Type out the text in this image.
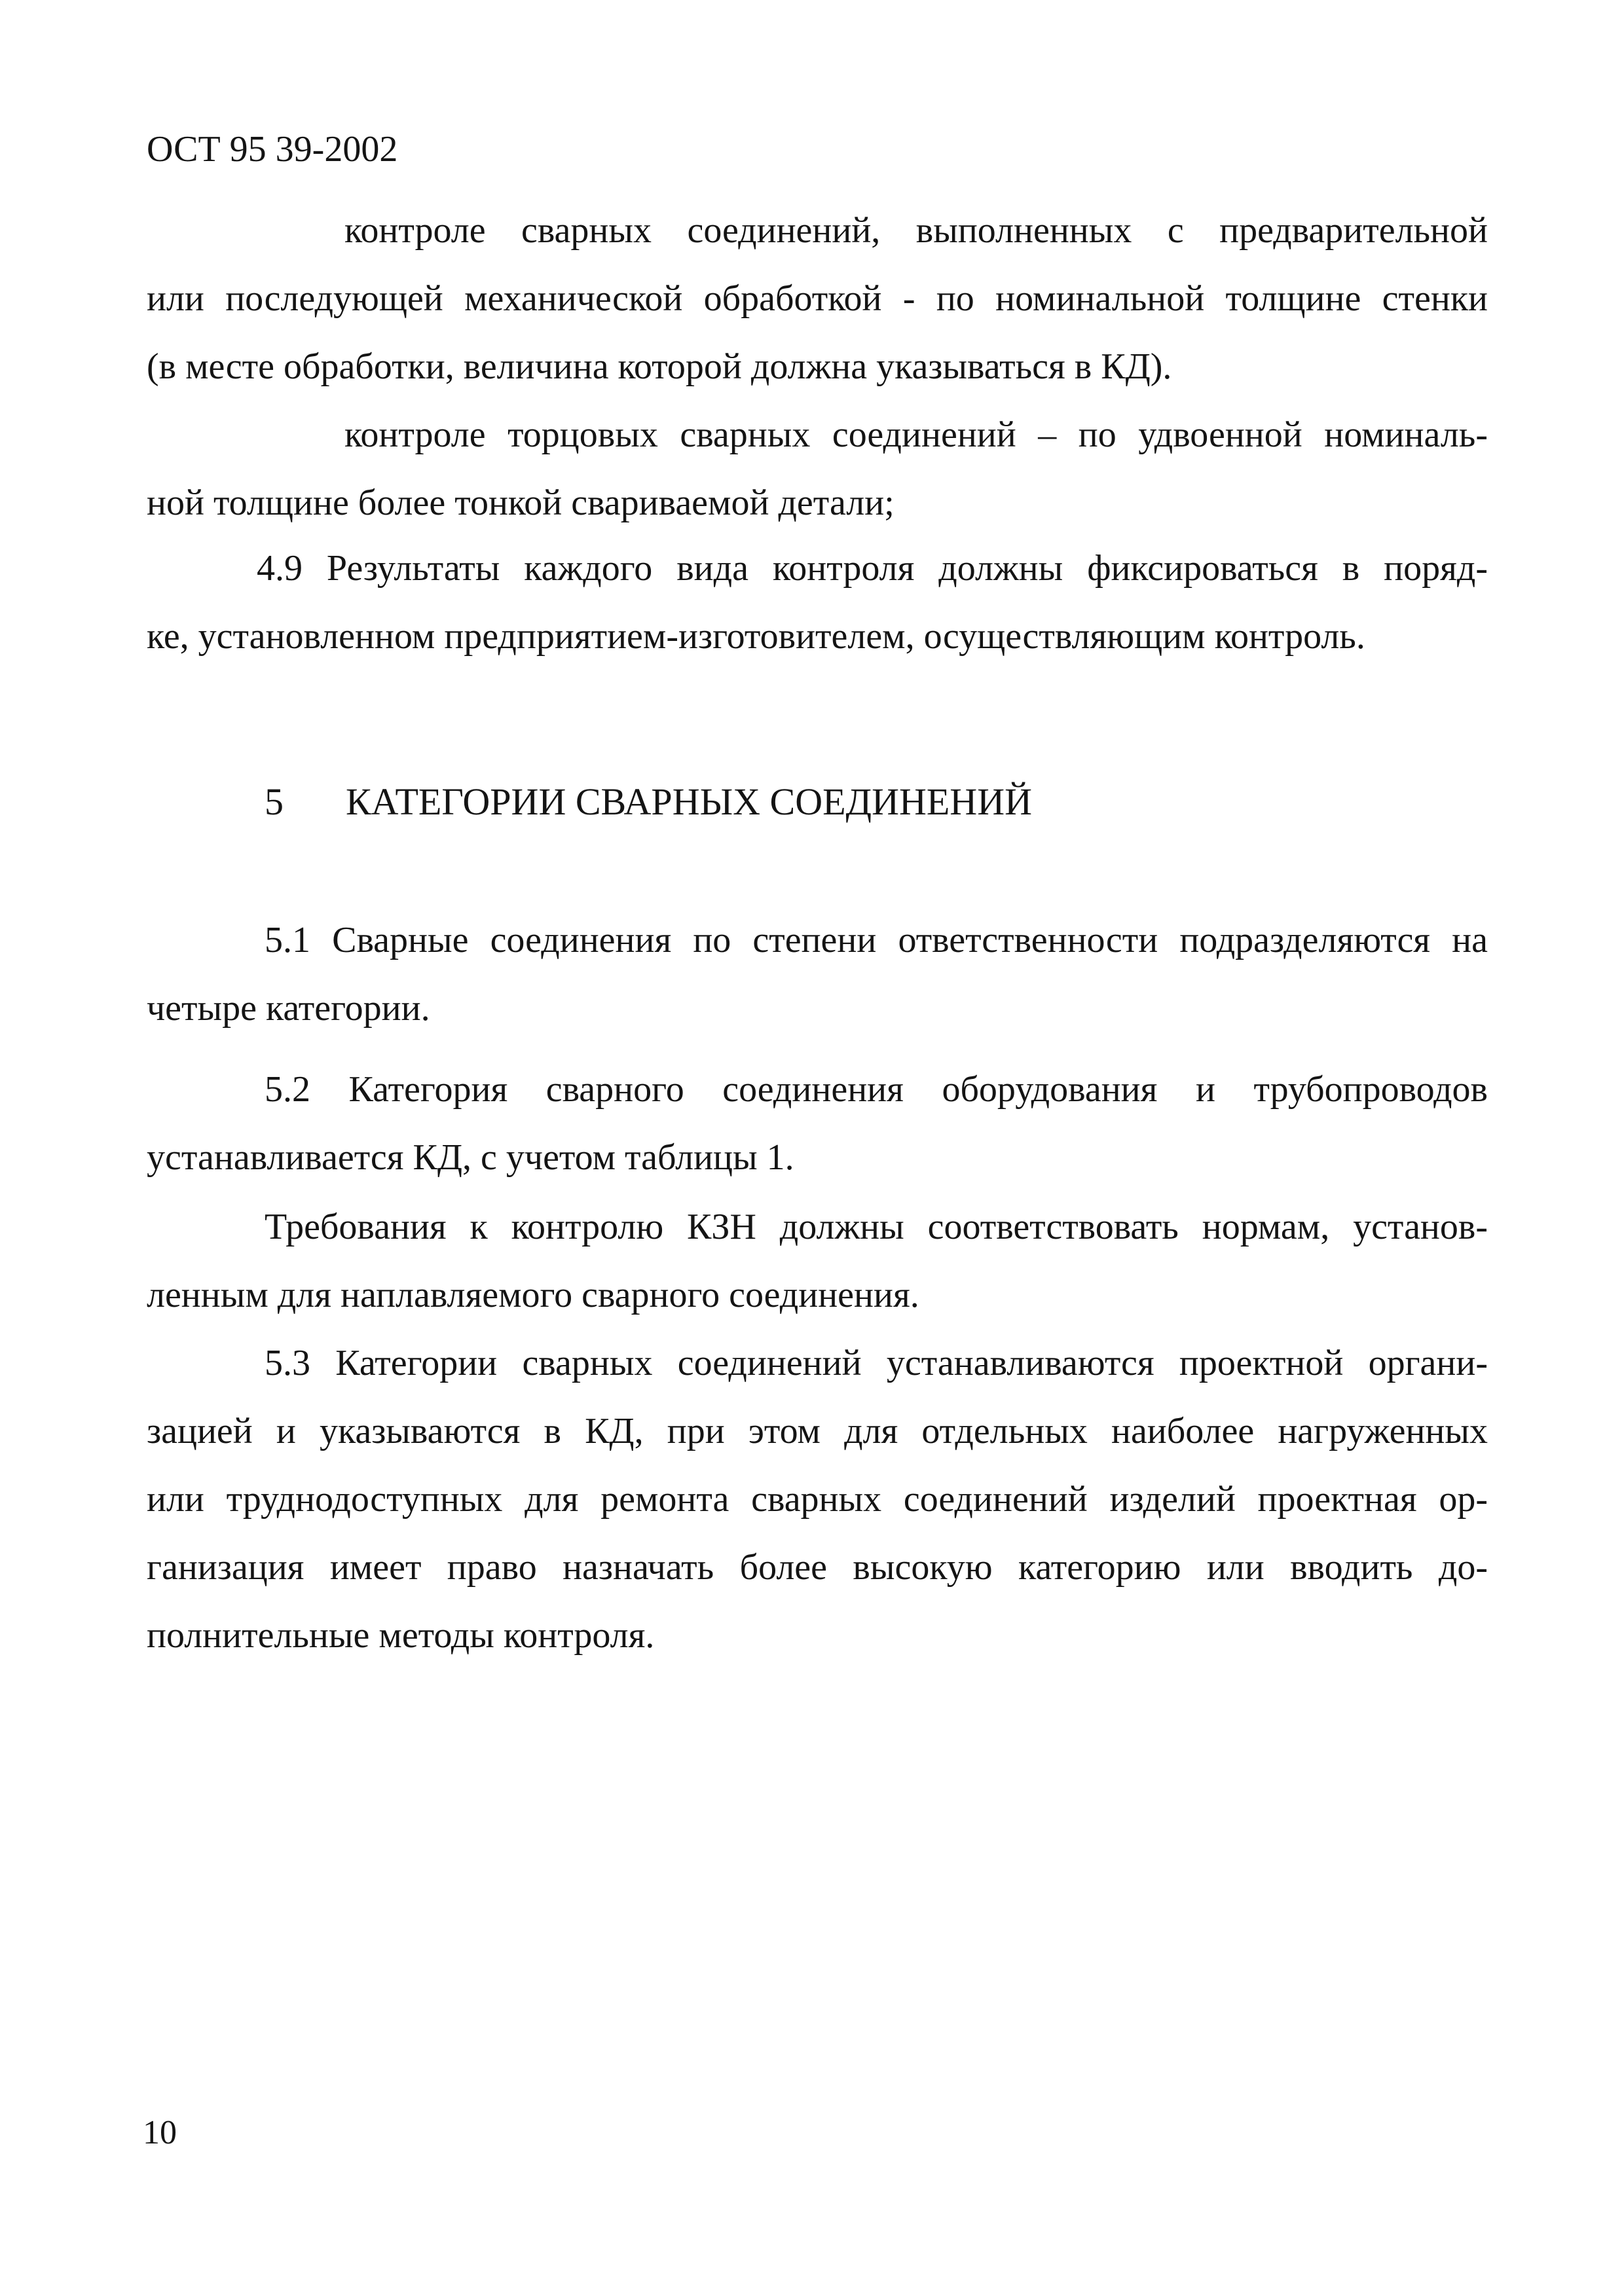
ОСТ 95 39-2002
контроле сварных соединений, выполненных с предварительной
или последующей механической обработкой - по номинальной толщине стенки
(в месте обработки, величина которой должна указываться в КД).
контроле торцовых сварных соединений – по удвоенной номиналь-
ной толщине более тонкой свариваемой детали;
4.9 Результаты каждого вида контроля должны фиксироваться в поряд-
ке, установленном предприятием-изготовителем, осуществляющим контроль.
5 КАТЕГОРИИ СВАРНЫХ СОЕДИНЕНИЙ
5.1 Сварные соединения по степени ответственности подразделяются на
четыре категории.
5.2 Категория сварного соединения оборудования и трубопроводов
устанавливается КД, с учетом таблицы 1.
Требования к контролю КЗН должны соответствовать нормам, установ-
ленным для наплавляемого сварного соединения.
5.3 Категории сварных соединений устанавливаются проектной органи-
зацией и указываются в КД, при этом для отдельных наиболее нагруженных
или труднодоступных для ремонта сварных соединений изделий проектная ор-
ганизация имеет право назначать более высокую категорию или вводить до-
полнительные методы контроля.
10
